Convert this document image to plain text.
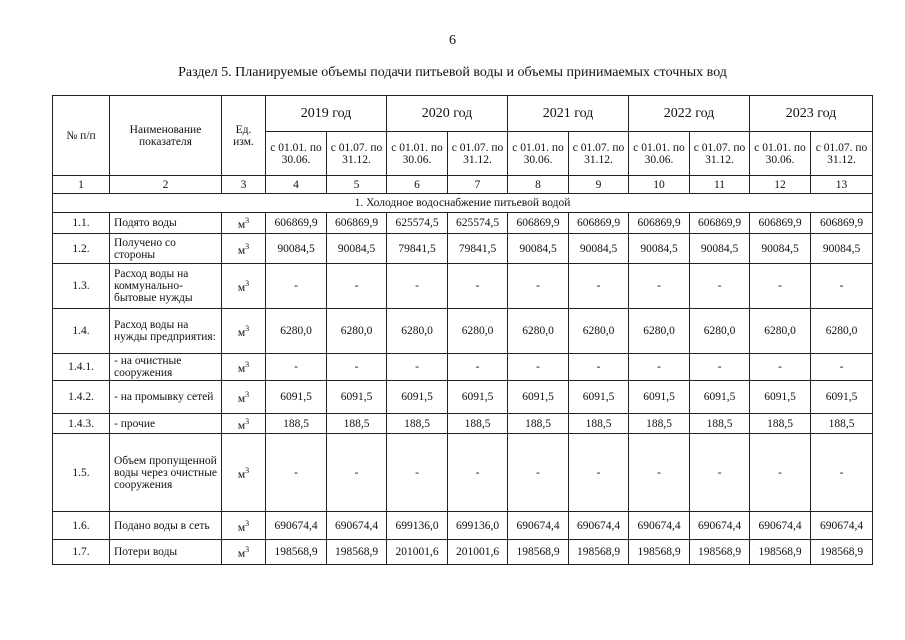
6
Раздел 5. Планируемые объемы подачи питьевой воды и объемы принимаемых сточных вод
№ п/п	Наименование показателя	Ед. изм.	2019 год		2020 год		2021 год		2022 год		2023 год	
			с 01.01. по 30.06.	с 01.07. по 31.12.	с 01.01. по 30.06.	с 01.07. по 31.12.	с 01.01. по 30.06.	с 01.07. по 31.12.	с 01.01. по 30.06.	с 01.07. по 31.12.	с 01.01. по 30.06.	с 01.07. по 31.12.
1	2	3	4	5	6	7	8	9	10	11	12	13
1. Холодное водоснабжение питьевой водой												
1.1.	Подято воды	$м^3$	606869,9	606869,9	625574,5	625574,5	606869,9	606869,9	606869,9	606869,9	606869,9	606869,9
1.2.	Получено со стороны	$м^3$	90084,5	90084,5	79841,5	79841,5	90084,5	90084,5	90084,5	90084,5	90084,5	90084,5
1.3.	Расход воды на коммунально-бытовые нужды	$м^3$	-	-	-	-	-	-	-	-	-	-
1.4.	Расход воды на нужды предприятия:	$м^3$	6280,0	6280,0	6280,0	6280,0	6280,0	6280,0	6280,0	6280,0	6280,0	6280,0
1.4.1.	- на очистные сооружения	$м^3$	-	-	-	-	-	-	-	-	-	-
1.4.2.	- на промывку сетей	$м^3$	6091,5	6091,5	6091,5	6091,5	6091,5	6091,5	6091,5	6091,5	6091,5	6091,5
1.4.3.	- прочие	$м^3$	188,5	188,5	188,5	188,5	188,5	188,5	188,5	188,5	188,5	188,5
1.5.	Объем пропущенной воды через очистные сооружения	$м^3$	-	-	-	-	-	-	-	-	-	-
1.6.	Подано воды в сеть	$м^3$	690674,4	690674,4	699136,0	699136,0	690674,4	690674,4	690674,4	690674,4	690674,4	690674,4
1.7.	Потери воды	$м^3$	198568,9	198568,9	201001,6	201001,6	198568,9	198568,9	198568,9	198568,9	198568,9	198568,9
